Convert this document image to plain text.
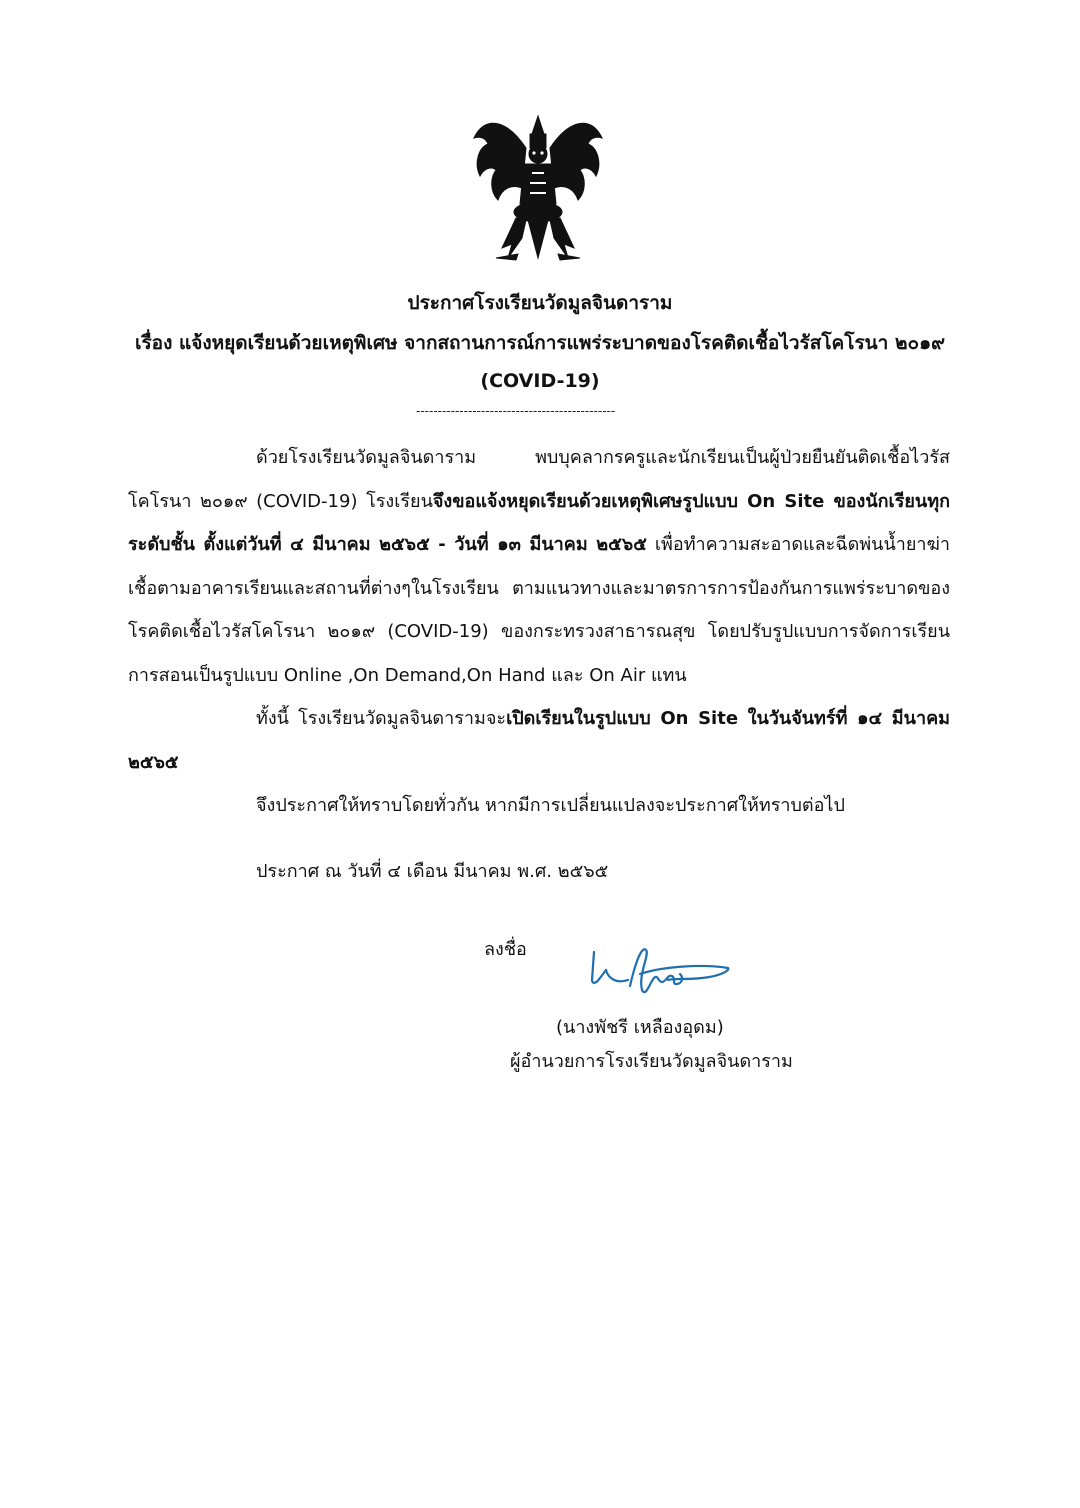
ประกาศโรงเรียนวัดมูลจินดาราม
เรื่อง แจ้งหยุดเรียนด้วยเหตุพิเศษ จากสถานการณ์การแพร่ระบาดของโรคติดเชื้อไวรัสโคโรนา ๒๐๑๙
(COVID-19)
----------------------------------------------
ด้วยโรงเรียนวัดมูลจินดาราม พบบุคลากรครูและนักเรียนเป็นผู้ป่วยยืนยันติดเชื้อไวรัสโคโรนา ๒๐๑๙ (COVID-19) โรงเรียนจึงขอแจ้งหยุดเรียนด้วยเหตุพิเศษรูปแบบ On Site ของนักเรียนทุกระดับชั้น ตั้งแต่วันที่ ๔ มีนาคม ๒๕๖๕ - วันที่ ๑๓ มีนาคม ๒๕๖๕ เพื่อทำความสะอาดและฉีดพ่นน้ำยาฆ่าเชื้อตามอาคารเรียนและสถานที่ต่างๆในโรงเรียน ตามแนวทางและมาตรการการป้องกันการแพร่ระบาดของโรคติดเชื้อไวรัสโคโรนา ๒๐๑๙ (COVID-19) ของกระทรวงสาธารณสุข โดยปรับรูปแบบการจัดการเรียนการสอนเป็นรูปแบบ Online ,On Demand,On Hand และ On Air แทน
ทั้งนี้ โรงเรียนวัดมูลจินดารามจะเปิดเรียนในรูปแบบ On Site ในวันจันทร์ที่ ๑๔ มีนาคม ๒๕๖๕
จึงประกาศให้ทราบโดยทั่วกัน หากมีการเปลี่ยนแปลงจะประกาศให้ทราบต่อไป
ประกาศ ณ วันที่ ๔ เดือน มีนาคม พ.ศ. ๒๕๖๕
ลงชื่อ
(นางพัชรี เหลืองอุดม)
ผู้อำนวยการโรงเรียนวัดมูลจินดาราม
